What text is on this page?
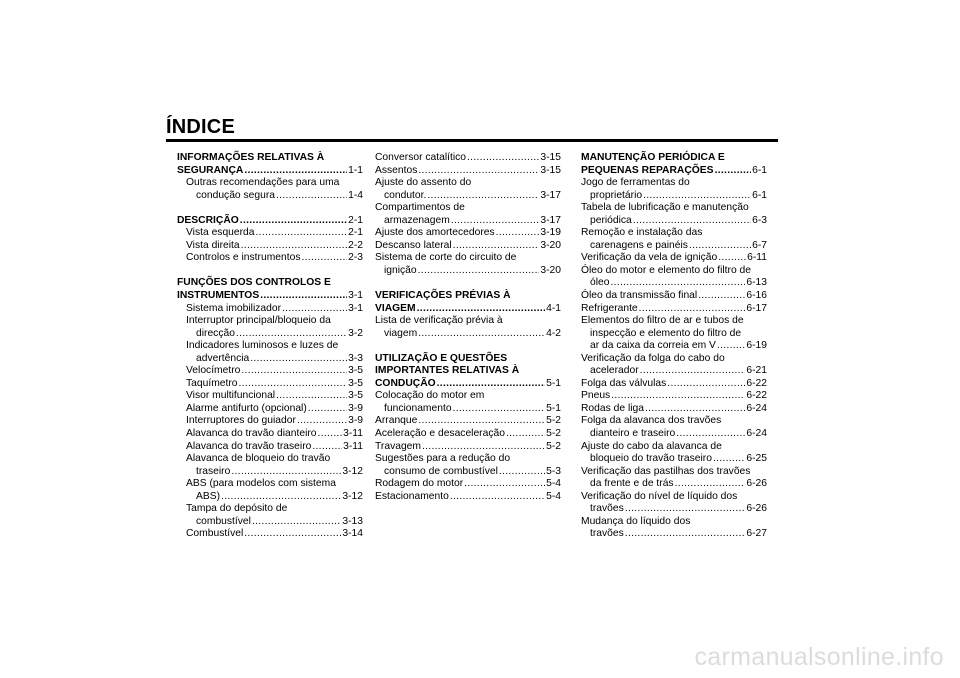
ÍNDICE
INFORMAÇÕES RELATIVAS À
SEGURANÇA .....	1-1
Outras recomendações para uma
condução segura .....	1-4
DESCRIÇÃO .....	2-1
Vista esquerda .....	2-1
Vista direita .....	2-2
Controlos e instrumentos .....	2-3
FUNÇÕES DOS CONTROLOS E
INSTRUMENTOS .....	3-1
Sistema imobilizador .....	3-1
Interruptor principal/bloqueio da
direcção .....	3-2
Indicadores luminosos e luzes de
advertência .....	3-3
Velocímetro .....	3-5
Taquímetro .....	3-5
Visor multifuncional .....	3-5
Alarme antifurto (opcional) .....	3-9
Interruptores do guiador .....	3-9
Alavanca do travão dianteiro .....	3-11
Alavanca do travão traseiro .....	3-11
Alavanca de bloqueio do travão
traseiro .....	3-12
ABS (para modelos com sistema
ABS) .....	3-12
Tampa do depósito de
combustível .....	3-13
Combustível .....	3-14
Conversor catalítico .....	3-15
Assentos .....	3-15
Ajuste do assento do
condutor. .....	3-17
Compartimentos de
armazenagem .....	3-17
Ajuste dos amortecedores .....	3-19
Descanso lateral .....	3-20
Sistema de corte do circuito de
ignição .....	3-20
VERIFICAÇÕES PRÉVIAS À
VIAGEM .....	4-1
Lista de verificação prévia à
viagem .....	4-2
UTILIZAÇÃO E QUESTÕES
IMPORTANTES RELATIVAS À
CONDUÇÃO .....	5-1
Colocação do motor em
funcionamento .....	5-1
Arranque .....	5-2
Aceleração e desaceleração .....	5-2
Travagem .....	5-2
Sugestões para a redução do
consumo de combustível .....	5-3
Rodagem do motor .....	5-4
Estacionamento .....	5-4
MANUTENÇÃO PERIÓDICA E
PEQUENAS REPARAÇÕES .....	6-1
Jogo de ferramentas do
proprietário .....	6-1
Tabela de lubrificação e manutenção
periódica .....	6-3
Remoção e instalação das
carenagens e painéis .....	6-7
Verificação da vela de ignição .....	6-11
Óleo do motor e elemento do filtro de
óleo .....	6-13
Óleo da transmissão final .....	6-16
Refrigerante .....	6-17
Elementos do filtro de ar e tubos de
inspecção e elemento do filtro de
ar da caixa da correia em V .....	6-19
Verificação da folga do cabo do
acelerador .....	6-21
Folga das válvulas .....	6-22
Pneus .....	6-22
Rodas de liga .....	6-24
Folga da alavanca dos travões
dianteiro e traseiro .....	6-24
Ajuste do cabo da alavanca de
bloqueio do travão traseiro .....	6-25
Verificação das pastilhas dos travões
da frente e de trás .....	6-26
Verificação do nível de líquido dos
travões .....	6-26
Mudança do líquido dos
travões .....	6-27
carmanualsonline.info
